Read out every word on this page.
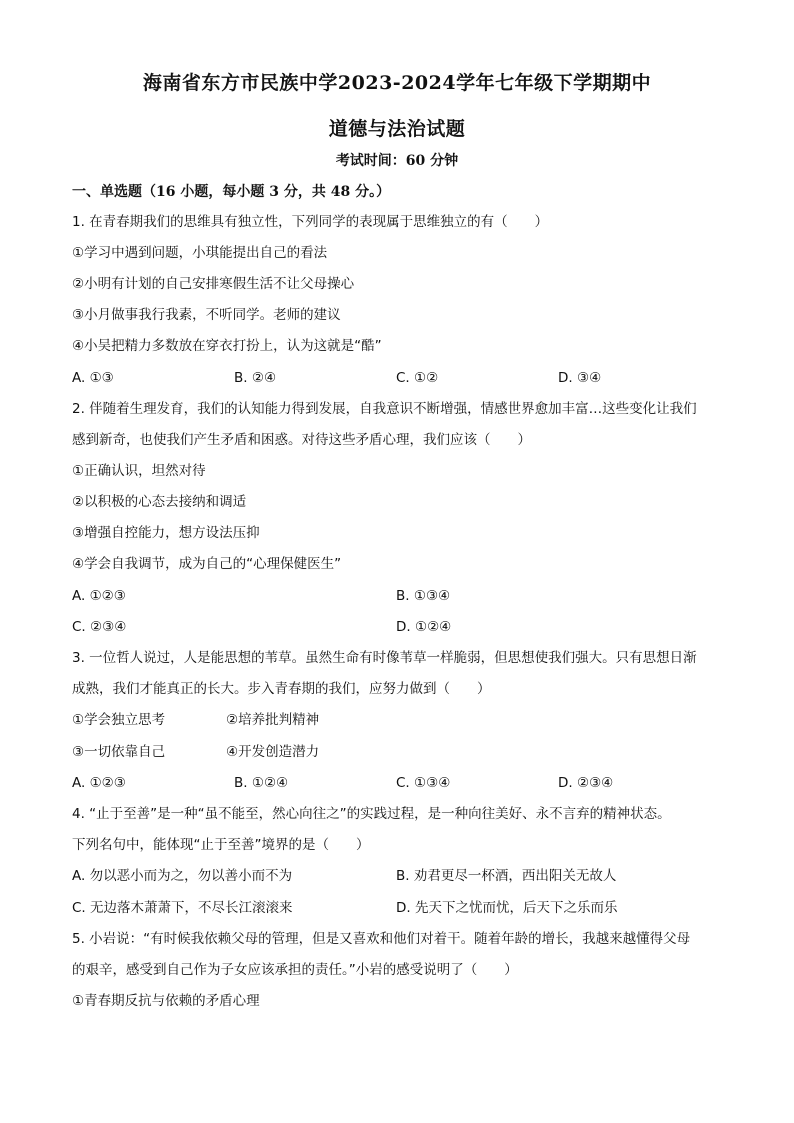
海南省东方市民族中学2023-2024学年七年级下学期期中
道德与法治试题
考试时间：60 分钟
一、单选题（16 小题，每小题 3 分，共 48 分。）
1. 在青春期我们的思维具有独立性，下列同学的表现属于思维独立的有（　　）
①学习中遇到问题，小琪能提出自己的看法
②小明有计划的自己安排寒假生活不让父母操心
③小月做事我行我素，不听同学。老师的建议
④小吴把精力多数放在穿衣打扮上，认为这就是“酷”
A. ①③	B. ②④	C. ①②	D. ③④
2. 伴随着生理发育，我们的认知能力得到发展，自我意识不断增强，情感世界愈加丰富…这些变化让我们
感到新奇，也使我们产生矛盾和困惑。对待这些矛盾心理，我们应该（　　）
①正确认识，坦然对待
②以积极的心态去接纳和调适
③增强自控能力，想方设法压抑
④学会自我调节，成为自己的“心理保健医生”
A. ①②③	B. ①③④
C. ②③④	D. ①②④
3. 一位哲人说过，人是能思想的苇草。虽然生命有时像苇草一样脆弱，但思想使我们强大。只有思想日渐
成熟，我们才能真正的长大。步入青春期的我们，应努力做到（　　）
①学会独立思考	②培养批判精神
③一切依靠自己	④开发创造潜力
A. ①②③	B. ①②④	C. ①③④	D. ②③④
4. “止于至善”是一种“虽不能至，然心向往之”的实践过程，是一种向往美好、永不言弃的精神状态。
下列名句中，能体现“止于至善”境界的是（　　）
A. 勿以恶小而为之，勿以善小而不为	B. 劝君更尽一杯酒，西出阳关无故人
C. 无边落木萧萧下，不尽长江滚滚来	D. 先天下之忧而忧，后天下之乐而乐
5. 小岩说：“有时候我依赖父母的管理，但是又喜欢和他们对着干。随着年龄的增长，我越来越懂得父母
的艰辛，感受到自己作为子女应该承担的责任。”小岩的感受说明了（　　）
①青春期反抗与依赖的矛盾心理
